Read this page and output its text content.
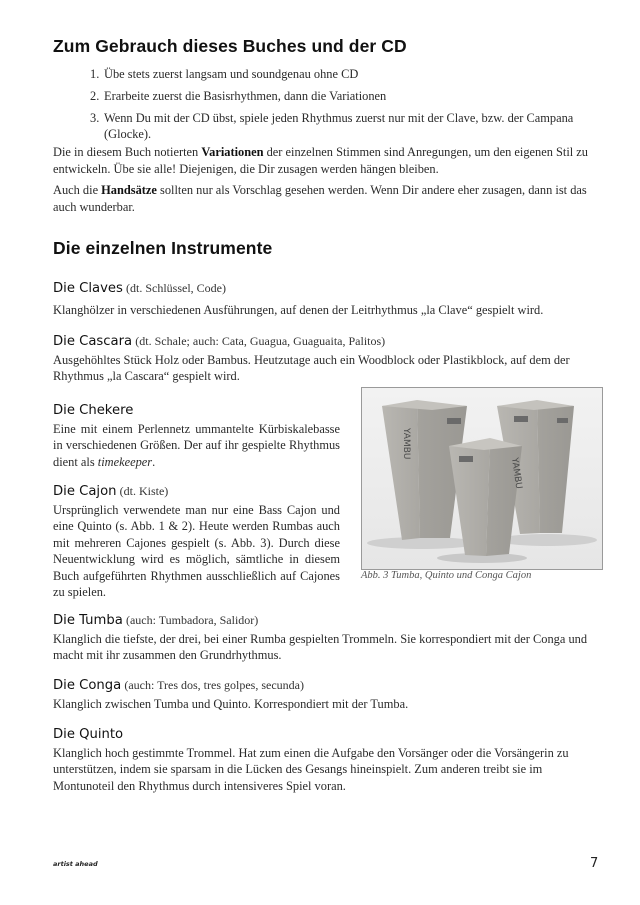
Zum Gebrauch dieses Buches und der CD
1. Übe stets zuerst langsam und soundgenau ohne CD
2. Erarbeite zuerst die Basisrhythmen, dann die Variationen
3. Wenn Du mit der CD übst, spiele jeden Rhythmus zuerst nur mit der Clave, bzw. der Campana (Glocke).

Die in diesem Buch notierten Variationen der einzelnen Stimmen sind Anregungen, um den eigenen Stil zu entwickeln. Übe sie alle! Diejenigen, die Dir zusagen werden hängen bleiben.

Auch die Handsätze sollten nur als Vorschlag gesehen werden. Wenn Dir andere eher zusagen, dann ist das auch wunderbar.

Die einzelnen Instrumente
Die Claves (dt. Schlüssel, Code)
Klanghölzer in verschiedenen Ausführungen, auf denen der Leitrhythmus „la Clave“ gespielt wird.
Die Cascara (dt. Schale; auch: Cata, Guagua, Guaguaita, Palitos)
Ausgehöhltes Stück Holz oder Bambus. Heutzutage auch ein Woodblock oder Plastikblock, auf dem der Rhythmus „la Cascara“ gespielt wird.
Die Chekere
Eine mit einem Perlennetz ummantelte Kürbiskalebasse in verschiedenen Größen. Der auf ihr gespielte Rhythmus dient als timekeeper.
Die Cajon (dt. Kiste)
Ursprünglich verwendete man nur eine Bass Cajon und eine Quinto (s. Abb. 1 & 2). Heute werden Rumbas auch mit mehreren Cajones gespielt (s. Abb. 3). Durch diese Neuentwicklung wird es möglich, sämtliche in diesem Buch aufgeführten Rhythmen ausschließlich auf Cajones zu spielen.
YAMBU
YAMBU
Abb. 3 Tumba, Quinto und Conga Cajon
Die Tumba (auch: Tumbadora, Salidor)
Klanglich die tiefste, der drei, bei einer Rumba gespielten Trommeln. Sie korrespondiert mit der Conga und macht mit ihr zusammen den Grundrhythmus.
Die Conga (auch: Tres dos, tres golpes, secunda)
Klanglich zwischen Tumba und Quinto. Korrespondiert mit der Tumba.
Die Quinto
Klanglich hoch gestimmte Trommel. Hat zum einen die Aufgabe den Vorsänger oder die Vorsängerin zu unterstützen, indem sie sparsam in die Lücken des Gesangs hineinspielt. Zum anderen treibt sie im Montunoteil den Rhythmus durch intensiveres Spiel voran.
artist ahead	7
